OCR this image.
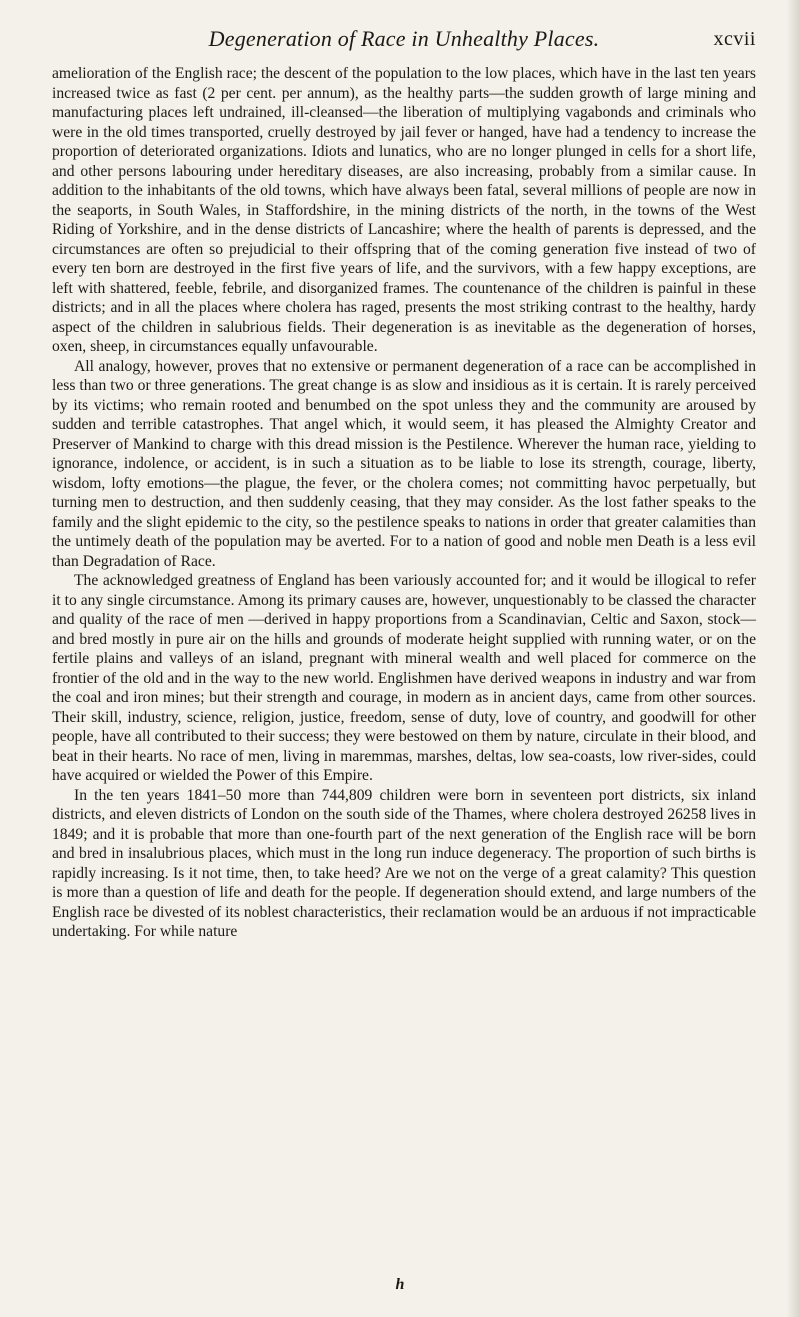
Degeneration of Race in Unhealthy Places.	xcvii

amelioration of the English race; the descent of the population to the low places, which have in the last ten years increased twice as fast (2 per cent. per annum), as the healthy parts—the sudden growth of large mining and manufacturing places left undrained, ill-cleansed—the liberation of multiplying vagabonds and criminals who were in the old times transported, cruelly destroyed by jail fever or hanged, have had a tendency to increase the proportion of deteriorated organizations. Idiots and lunatics, who are no longer plunged in cells for a short life, and other persons labouring under hereditary diseases, are also increasing, probably from a similar cause. In addition to the inhabitants of the old towns, which have always been fatal, several millions of people are now in the seaports, in South Wales, in Staffordshire, in the mining districts of the north, in the towns of the West Riding of Yorkshire, and in the dense districts of Lancashire; where the health of parents is depressed, and the circumstances are often so prejudicial to their offspring that of the coming generation five instead of two of every ten born are destroyed in the first five years of life, and the survivors, with a few happy exceptions, are left with shattered, feeble, febrile, and disorganized frames. The countenance of the children is painful in these districts; and in all the places where cholera has raged, presents the most striking contrast to the healthy, hardy aspect of the children in salubrious fields. Their degeneration is as inevitable as the degeneration of horses, oxen, sheep, in circumstances equally unfavourable.

All analogy, however, proves that no extensive or permanent degeneration of a race can be accomplished in less than two or three generations. The great change is as slow and insidious as it is certain. It is rarely perceived by its victims; who remain rooted and benumbed on the spot unless they and the community are aroused by sudden and terrible catastrophes. That angel which, it would seem, it has pleased the Almighty Creator and Preserver of Mankind to charge with this dread mission is the Pestilence. Wherever the human race, yielding to ignorance, indolence, or accident, is in such a situation as to be liable to lose its strength, courage, liberty, wisdom, lofty emotions—the plague, the fever, or the cholera comes; not committing havoc perpetually, but turning men to destruction, and then suddenly ceasing, that they may consider. As the lost father speaks to the family and the slight epidemic to the city, so the pestilence speaks to nations in order that greater calamities than the untimely death of the population may be averted. For to a nation of good and noble men Death is a less evil than Degradation of Race.

The acknowledged greatness of England has been variously accounted for; and it would be illogical to refer it to any single circumstance. Among its primary causes are, however, unquestionably to be classed the character and quality of the race of men —derived in happy proportions from a Scandinavian, Celtic and Saxon, stock—and bred mostly in pure air on the hills and grounds of moderate height supplied with running water, or on the fertile plains and valleys of an island, pregnant with mineral wealth and well placed for commerce on the frontier of the old and in the way to the new world. Englishmen have derived weapons in industry and war from the coal and iron mines; but their strength and courage, in modern as in ancient days, came from other sources. Their skill, industry, science, religion, justice, freedom, sense of duty, love of country, and goodwill for other people, have all contributed to their success; they were bestowed on them by nature, circulate in their blood, and beat in their hearts. No race of men, living in maremmas, marshes, deltas, low sea-coasts, low river-sides, could have acquired or wielded the Power of this Empire.

In the ten years 1841–50 more than 744,809 children were born in seventeen port districts, six inland districts, and eleven districts of London on the south side of the Thames, where cholera destroyed 26258 lives in 1849; and it is probable that more than one-fourth part of the next generation of the English race will be born and bred in insalubrious places, which must in the long run induce degeneracy. The proportion of such births is rapidly increasing. Is it not time, then, to take heed? Are we not on the verge of a great calamity? This question is more than a question of life and death for the people. If degeneration should extend, and large numbers of the English race be divested of its noblest characteristics, their reclamation would be an arduous if not impracticable undertaking. For while nature

h
